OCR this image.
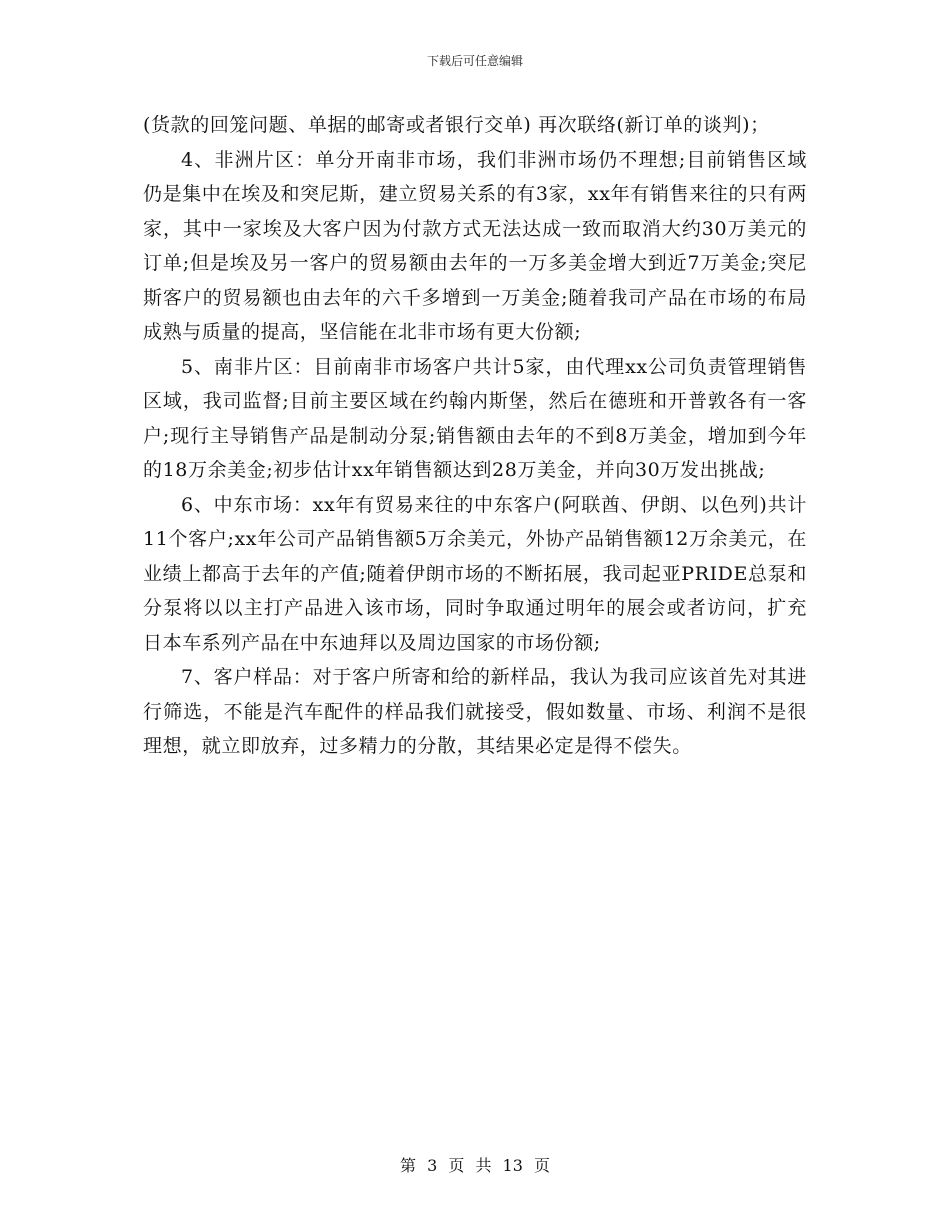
下载后可任意编辑

(货款的回笼问题、单据的邮寄或者银行交单) 再次联络(新订单的谈判)；

4、非洲片区：单分开南非市场，我们非洲市场仍不理想;目前销售区域仍是集中在埃及和突尼斯，建立贸易关系的有3家，xx年有销售来往的只有两家，其中一家埃及大客户因为付款方式无法达成一致而取消大约30万美元的订单;但是埃及另一客户的贸易额由去年的一万多美金增大到近7万美金;突尼斯客户的贸易额也由去年的六千多增到一万美金;随着我司产品在市场的布局成熟与质量的提高，坚信能在北非市场有更大份额;

5、南非片区：目前南非市场客户共计5家，由代理xx公司负责管理销售区域，我司监督;目前主要区域在约翰内斯堡，然后在德班和开普敦各有一客户;现行主导销售产品是制动分泵;销售额由去年的不到8万美金，增加到今年的18万余美金;初步估计xx年销售额达到28万美金，并向30万发出挑战;

6、中东市场：xx年有贸易来往的中东客户(阿联酋、伊朗、以色列)共计11个客户;xx年公司产品销售额5万余美元，外协产品销售额12万余美元，在业绩上都高于去年的产值;随着伊朗市场的不断拓展，我司起亚PRIDE总泵和分泵将以以主打产品进入该市场，同时争取通过明年的展会或者访问，扩充日本车系列产品在中东迪拜以及周边国家的市场份额;

7、客户样品：对于客户所寄和给的新样品，我认为我司应该首先对其进行筛选，不能是汽车配件的样品我们就接受，假如数量、市场、利润不是很理想，就立即放弃，过多精力的分散，其结果必定是得不偿失。

第 3 页 共 13 页
